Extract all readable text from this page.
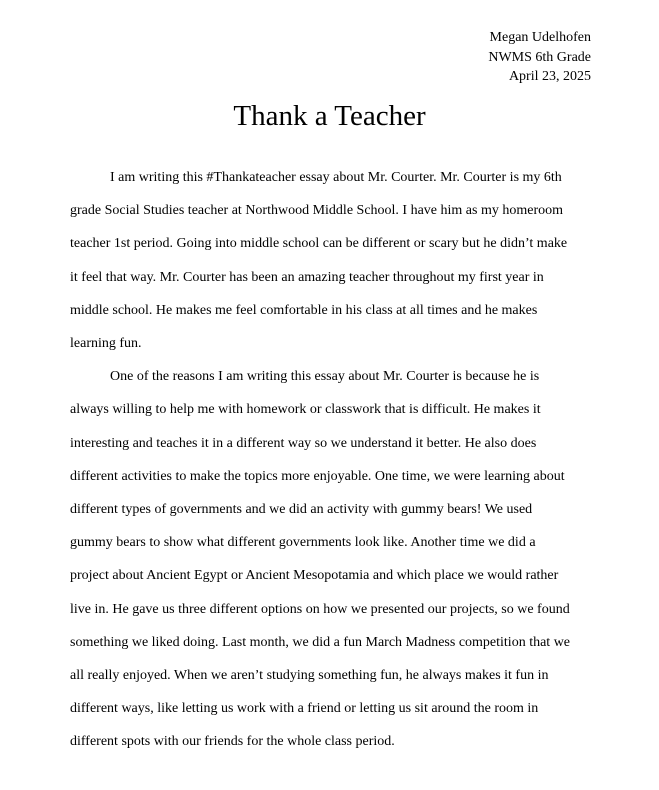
Megan Udelhofen
NWMS 6th Grade
April 23, 2025
Thank a Teacher

I am writing this #Thankateacher essay about Mr. Courter. Mr. Courter is my 6th
grade Social Studies teacher at Northwood Middle School. I have him as my homeroom
teacher 1st period. Going into middle school can be different or scary but he didn’t make
it feel that way. Mr. Courter has been an amazing teacher throughout my first year in
middle school. He makes me feel comfortable in his class at all times and he makes
learning fun.

One of the reasons I am writing this essay about Mr. Courter is because he is
always willing to help me with homework or classwork that is difficult. He makes it
interesting and teaches it in a different way so we understand it better. He also does
different activities to make the topics more enjoyable. One time, we were learning about
different types of governments and we did an activity with gummy bears! We used
gummy bears to show what different governments look like. Another time we did a
project about Ancient Egypt or Ancient Mesopotamia and which place we would rather
live in. He gave us three different options on how we presented our projects, so we found
something we liked doing. Last month, we did a fun March Madness competition that we
all really enjoyed. When we aren’t studying something fun, he always makes it fun in
different ways, like letting us work with a friend or letting us sit around the room in
different spots with our friends for the whole class period.
